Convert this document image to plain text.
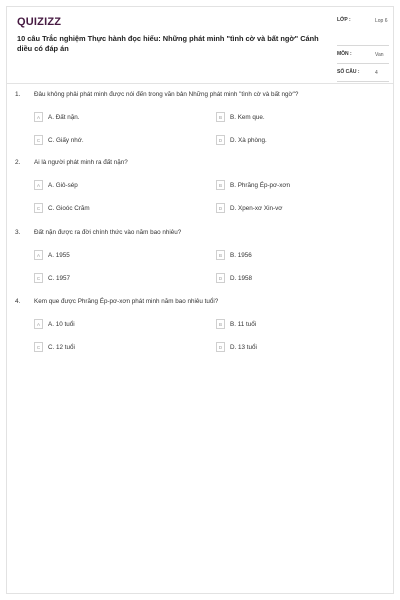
QUIZIZZ
10 câu Trắc nghiệm Thực hành đọc hiểu: Những phát minh "tình cờ và bất ngờ" Cánh diều có đáp án
LỚP :	Lop 6
MÔN :	Van
SỐ CÂU :	4
1. Đâu không phải phát minh được nói đến trong văn bản Những phát minh "tình cờ và bất ngờ"?
A	A. Đất nặn.	B	B. Kem que.
C	C. Giấy nhớ.	D	D. Xà phòng.
2. Ai là người phát minh ra đất nặn?
A	A. Giô-sép	B	B. Phrăng Ép-pơ-xơn
C	C. Gioóc Crăm	D	D. Xpen-xơ Xin-vơ
3. Đất nặn được ra đời chính thức vào năm bao nhiêu?
A	A. 1955	B	B. 1956
C	C. 1957	D	D. 1958
4. Kem que được Phrăng Ép-pơ-xơn phát minh năm bao nhiêu tuổi?
A	A. 10 tuổi	B	B. 11 tuổi
C	C. 12 tuổi	D	D. 13 tuổi
